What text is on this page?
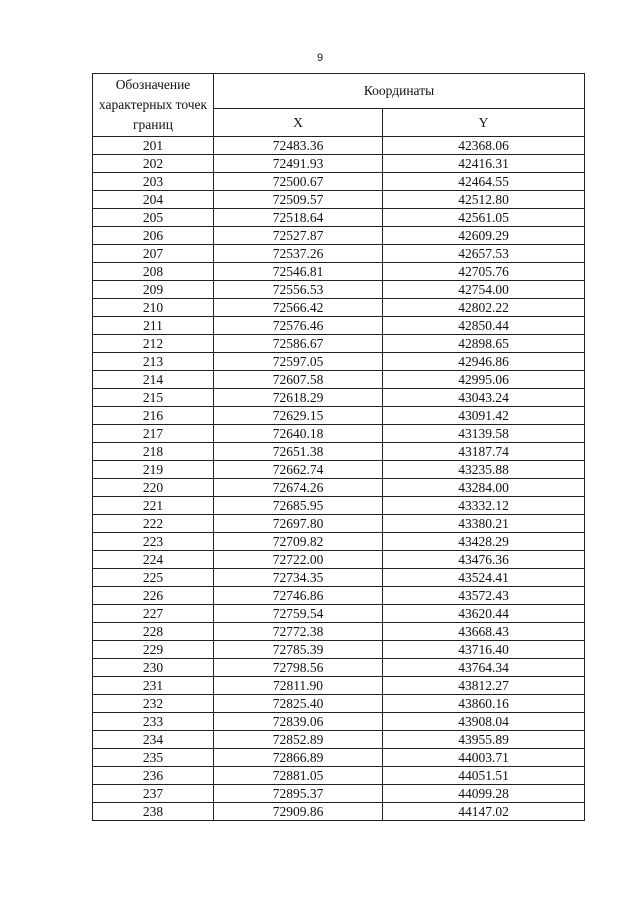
9
Обозначение характерных точек границ	Координаты	
	X	Y
201	72483.36	42368.06
202	72491.93	42416.31
203	72500.67	42464.55
204	72509.57	42512.80
205	72518.64	42561.05
206	72527.87	42609.29
207	72537.26	42657.53
208	72546.81	42705.76
209	72556.53	42754.00
210	72566.42	42802.22
211	72576.46	42850.44
212	72586.67	42898.65
213	72597.05	42946.86
214	72607.58	42995.06
215	72618.29	43043.24
216	72629.15	43091.42
217	72640.18	43139.58
218	72651.38	43187.74
219	72662.74	43235.88
220	72674.26	43284.00
221	72685.95	43332.12
222	72697.80	43380.21
223	72709.82	43428.29
224	72722.00	43476.36
225	72734.35	43524.41
226	72746.86	43572.43
227	72759.54	43620.44
228	72772.38	43668.43
229	72785.39	43716.40
230	72798.56	43764.34
231	72811.90	43812.27
232	72825.40	43860.16
233	72839.06	43908.04
234	72852.89	43955.89
235	72866.89	44003.71
236	72881.05	44051.51
237	72895.37	44099.28
238	72909.86	44147.02
